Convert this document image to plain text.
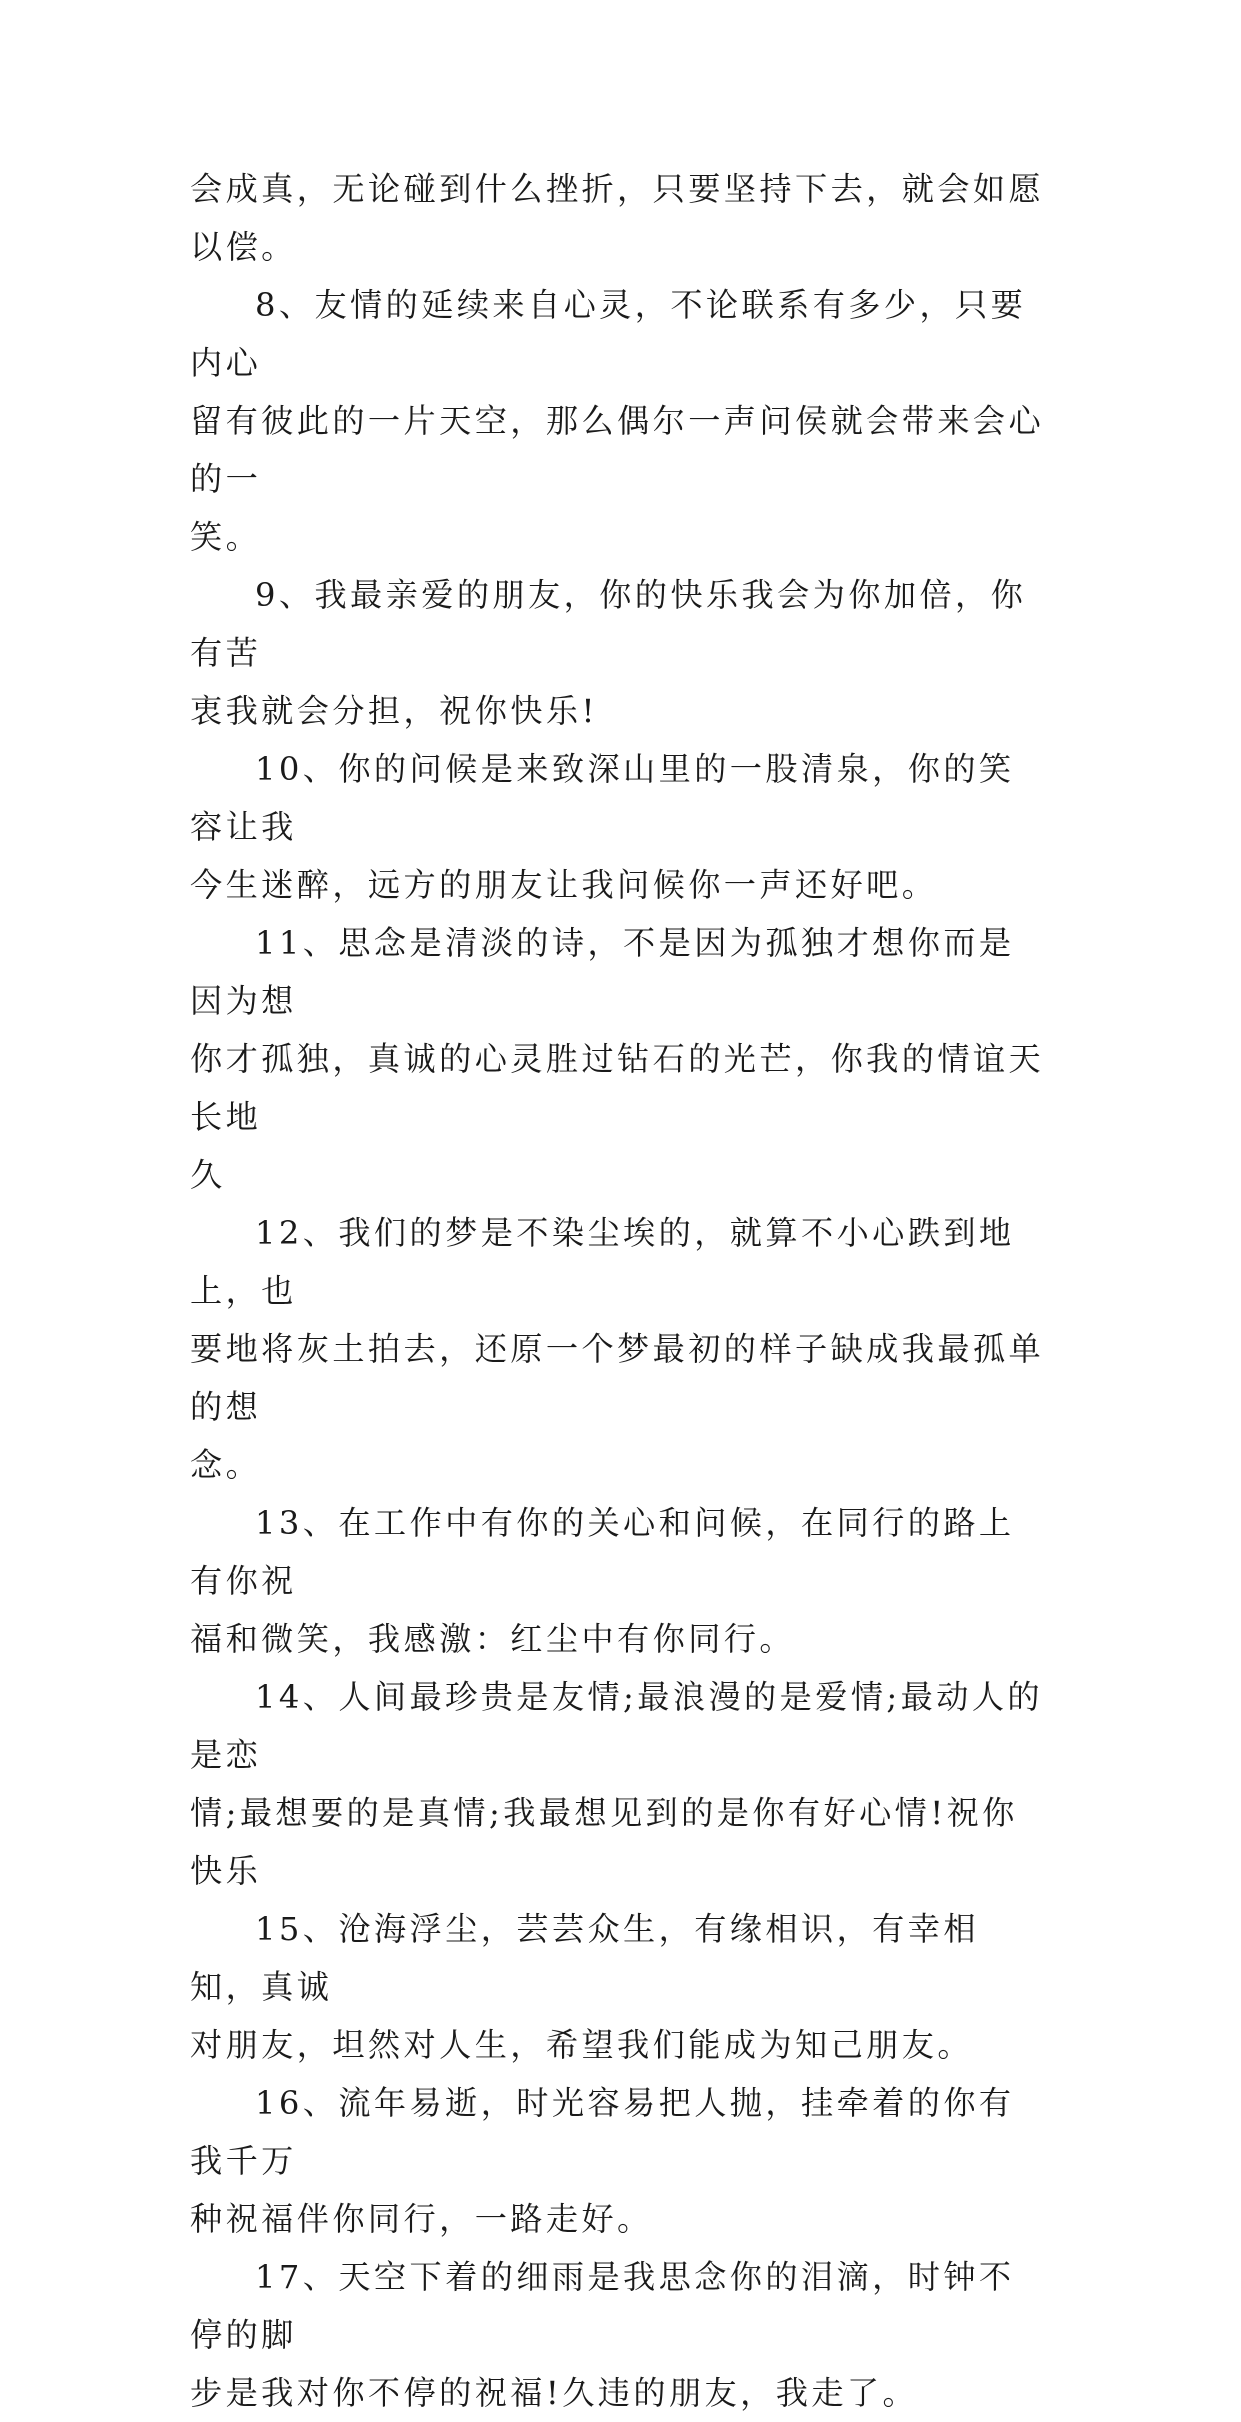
会成真，无论碰到什么挫折，只要坚持下去，就会如愿以偿。

8、友情的延续来自心灵，不论联系有多少，只要内心
留有彼此的一片天空，那么偶尔一声问侯就会带来会心的一
笑。

9、我最亲爱的朋友，你的快乐我会为你加倍，你有苦
衷我就会分担，祝你快乐!

10、你的问候是来致深山里的一股清泉，你的笑容让我
今生迷醉，远方的朋友让我问候你一声还好吧。

11、思念是清淡的诗，不是因为孤独才想你而是因为想
你才孤独，真诚的心灵胜过钻石的光芒，你我的情谊天长地
久

12、我们的梦是不染尘埃的，就算不小心跌到地上，也
要地将灰土拍去，还原一个梦最初的样子缺成我最孤单的想
念。

13、在工作中有你的关心和问候，在同行的路上有你祝
福和微笑，我感激：红尘中有你同行。

14、人间最珍贵是友情;最浪漫的是爱情;最动人的是恋
情;最想要的是真情;我最想见到的是你有好心情!祝你快乐

15、沧海浮尘，芸芸众生，有缘相识，有幸相知，真诚
对朋友，坦然对人生，希望我们能成为知己朋友。

16、流年易逝，时光容易把人抛，挂牵着的你有我千万
种祝福伴你同行，一路走好。

17、天空下着的细雨是我思念你的泪滴，时钟不停的脚
步是我对你不停的祝福!久违的朋友，我走了。
